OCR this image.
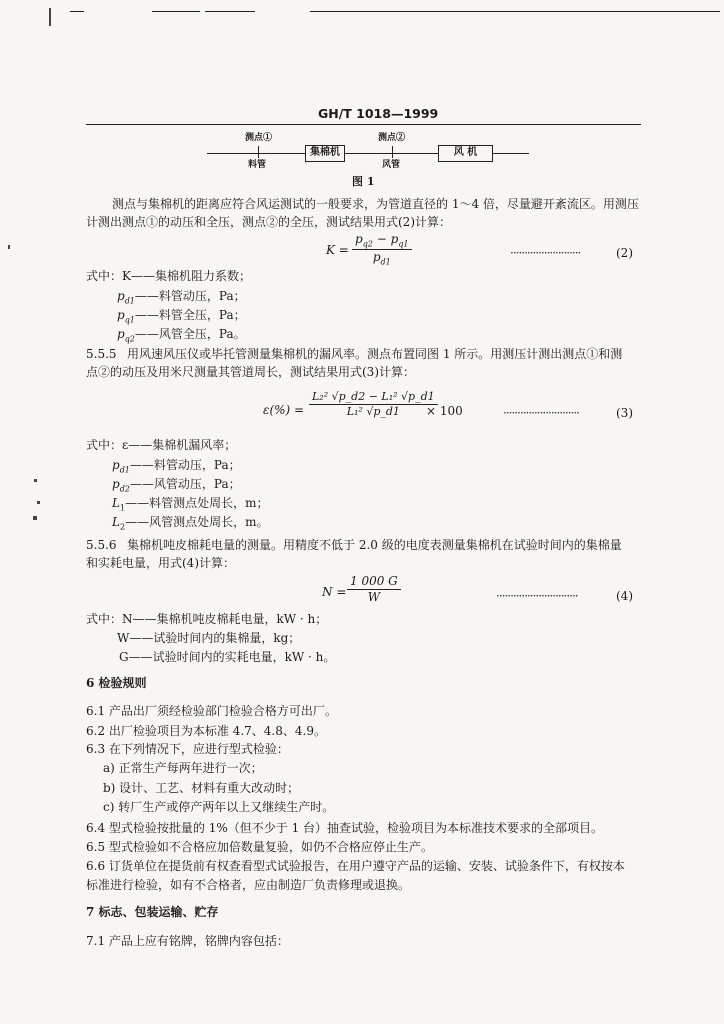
GH/T 1018—1999
测点①	测点②
料管	风管
集棉机	风 机
图 1
测点与集棉机的距离应符合风运测试的一般要求，为管道直径的 1～4 倍，尽量避开紊流区。用测压
计测出测点①的动压和全压，测点②的全压，测试结果用式(2)计算：
$K = \frac{p_{q2} - p_{q1}}{p_{d1}}$	·························	(2)
式中： K——集棉机阻力系数；
$p_{d1}——$料管动压，Pa；
$p_{q1}——$料管全压，Pa；
$p_{q2}——$风管全压，Pa。
5.5.5 用风速风压仪或毕托管测量集棉机的漏风率。测点布置同图 1 所示。用测压计测出测点①和测
点②的动压及用米尺测量其管道周长，测试结果用式(3)计算：
$\varepsilon(\%) = \frac{\text{L₂² √p\_d2 − L₁² √p\_d1}}{\text{L₁² √p\_d1}}$
× 100	···························	(3)
式中： ε——集棉机漏风率；
$p_{d1}——$料管动压，Pa；
$p_{d2}——$风管动压，Pa；
$L_1——$料管测点处周长，m；
$L_2——$风管测点处周长，m。
5.5.6 集棉机吨皮棉耗电量的测量。用精度不低于 2.0 级的电度表测量集棉机在试验时间内的集棉量
和实耗电量，用式(4)计算：
$N = \frac{1 000 G}{W}$	·····························	(4)
式中：N——集棉机吨皮棉耗电量，kW · h；
W——试验时间内的集棉量，kg；
G——试验时间内的实耗电量，kW · h。
6 检验规则
6.1 产品出厂须经检验部门检验合格方可出厂。
6.2 出厂检验项目为本标准 4.7、4.8、4.9。
6.3 在下列情况下，应进行型式检验：
a) 正常生产每两年进行一次；
b) 设计、工艺、材料有重大改动时；
c) 转厂生产或停产两年以上又继续生产时。
6.4 型式检验按批量的 1%（但不少于 1 台）抽查试验，检验项目为本标准技术要求的全部项目。
6.5 型式检验如不合格应加倍数量复验，如仍不合格应停止生产。
6.6 订货单位在提货前有权查看型式试验报告，在用户遵守产品的运输、安装、试验条件下，有权按本
标准进行检验，如有不合格者，应由制造厂负责修理或退换。
7 标志、包装运输、贮存
7.1 产品上应有铭牌，铭牌内容包括：
